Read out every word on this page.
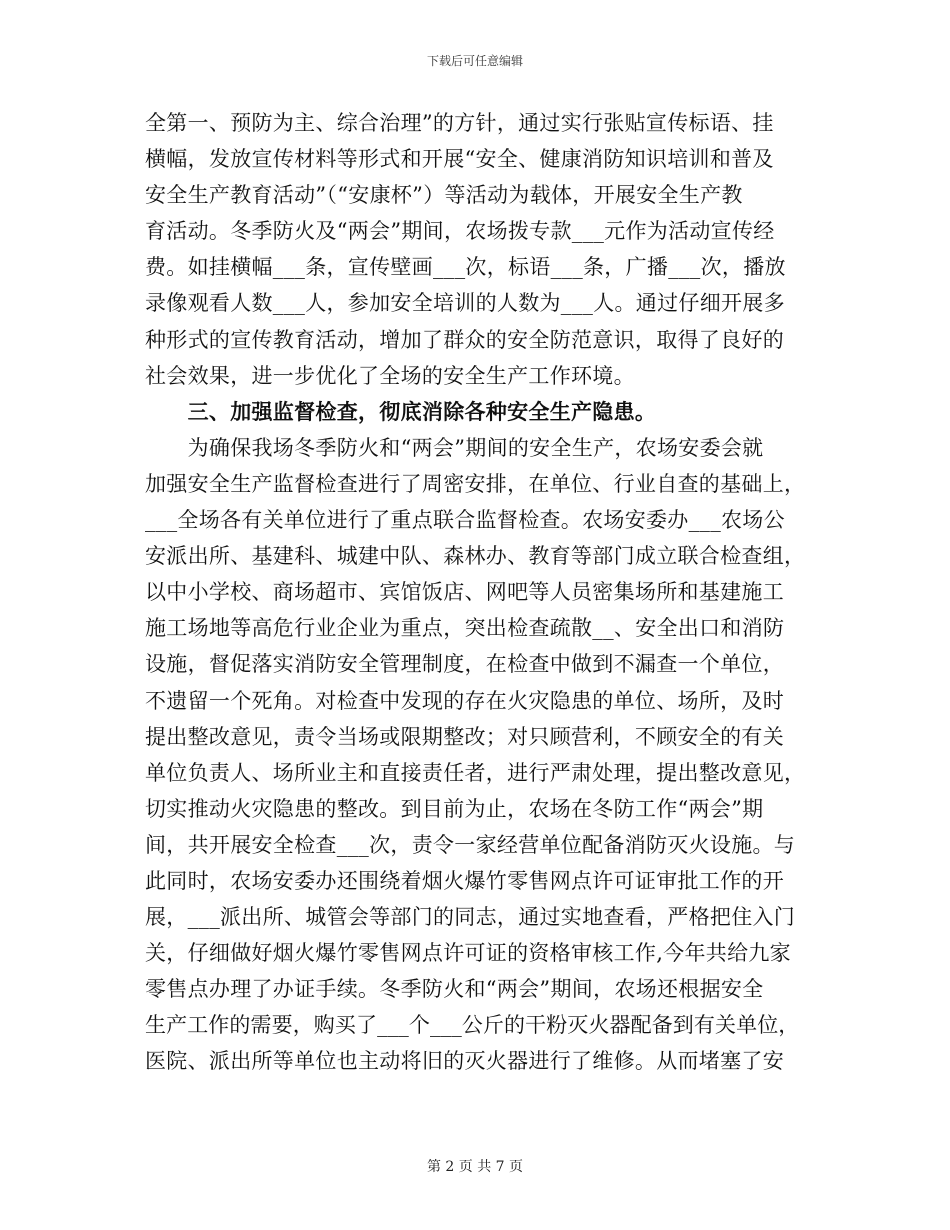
下载后可任意编辑
全第一、预防为主、综合治理”的方针，通过实行张贴宣传标语、挂
横幅，发放宣传材料等形式和开展“安全、健康消防知识培训和普及
安全生产教育活动”（“安康杯”）等活动为载体，开展安全生产教
育活动。冬季防火及“两会”期间，农场拨专款___元作为活动宣传经
费。如挂横幅___条，宣传壁画___次，标语___条，广播___次，播放
录像观看人数___人，参加安全培训的人数为___人。通过仔细开展多
种形式的宣传教育活动，增加了群众的安全防范意识，取得了良好的
社会效果，进一步优化了全场的安全生产工作环境。
　　三、加强监督检查，彻底消除各种安全生产隐患。
　　为确保我场冬季防火和“两会”期间的安全生产，农场安委会就
加强安全生产监督检查进行了周密安排，在单位、行业自查的基础上，
___全场各有关单位进行了重点联合监督检查。农场安委办___农场公
安派出所、基建科、城建中队、森林办、教育等部门成立联合检查组，
以中小学校、商场超市、宾馆饭店、网吧等人员密集场所和基建施工
施工场地等高危行业企业为重点，突出检查疏散__、安全出口和消防
设施，督促落实消防安全管理制度，在检查中做到不漏查一个单位，
不遗留一个死角。对检查中发现的存在火灾隐患的单位、场所，及时
提出整改意见，责令当场或限期整改；对只顾营利，不顾安全的有关
单位负责人、场所业主和直接责任者，进行严肃处理，提出整改意见，
切实推动火灾隐患的整改。到目前为止，农场在冬防工作“两会”期
间，共开展安全检查___次，责令一家经营单位配备消防灭火设施。与
此同时，农场安委办还围绕着烟火爆竹零售网点许可证审批工作的开
展，___派出所、城管会等部门的同志，通过实地查看，严格把住入门
关，仔细做好烟火爆竹零售网点许可证的资格审核工作,今年共给九家
零售点办理了办证手续。冬季防火和“两会”期间，农场还根据安全
生产工作的需要，购买了___个___公斤的干粉灭火器配备到有关单位，
医院、派出所等单位也主动将旧的灭火器进行了维修。从而堵塞了安
第 2 页 共 7 页
